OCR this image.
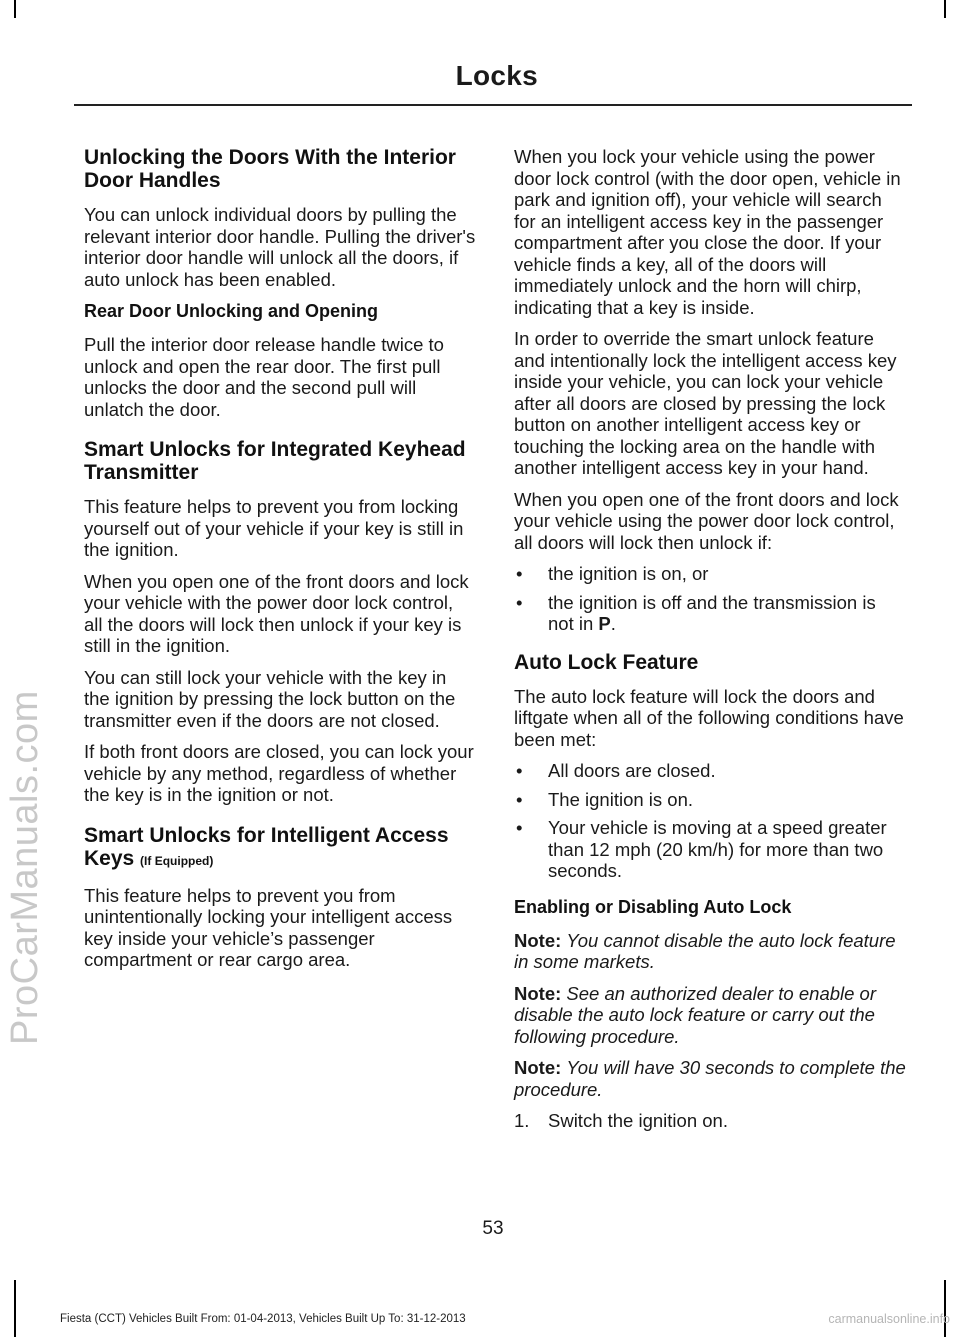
Locks
ProCarManuals.com
Unlocking the Doors With the Interior Door Handles

You can unlock individual doors by pulling the relevant interior door handle. Pulling the driver's interior door handle will unlock all the doors, if auto unlock has been enabled.

Rear Door Unlocking and Opening

Pull the interior door release handle twice to unlock and open the rear door. The first pull unlocks the door and the second pull will unlatch the door.

Smart Unlocks for Integrated Keyhead Transmitter

This feature helps to prevent you from locking yourself out of your vehicle if your key is still in the ignition.

When you open one of the front doors and lock your vehicle with the power door lock control, all the doors will lock then unlock if your key is still in the ignition.

You can still lock your vehicle with the key in the ignition by pressing the lock button on the transmitter even if the doors are not closed.

If both front doors are closed, you can lock your vehicle by any method, regardless of whether the key is in the ignition or not.

Smart Unlocks for Intelligent Access Keys (If Equipped)

This feature helps to prevent you from unintentionally locking your intelligent access key inside your vehicle’s passenger compartment or rear cargo area.

When you lock your vehicle using the power door lock control (with the door open, vehicle in park and ignition off), your vehicle will search for an intelligent access key in the passenger compartment after you close the door. If your vehicle finds a key, all of the doors will immediately unlock and the horn will chirp, indicating that a key is inside.

In order to override the smart unlock feature and intentionally lock the intelligent access key inside your vehicle, you can lock your vehicle after all doors are closed by pressing the lock button on another intelligent access key or touching the locking area on the handle with another intelligent access key in your hand.

When you open one of the front doors and lock your vehicle using the power door lock control, all doors will lock then unlock if:

• the ignition is on, or
• the ignition is off and the transmission is not in P.
Auto Lock Feature

The auto lock feature will lock the doors and liftgate when all of the following conditions have been met:

• All doors are closed.
• The ignition is on.
• Your vehicle is moving at a speed greater than 12 mph (20 km/h) for more than two seconds.
Enabling or Disabling Auto Lock

Note: You cannot disable the auto lock feature in some markets.

Note: See an authorized dealer to enable or disable the auto lock feature or carry out the following procedure.

Note: You will have 30 seconds to complete the procedure.

1. Switch the ignition on.
53
Fiesta (CCT) Vehicles Built From: 01-04-2013, Vehicles Built Up To: 31-12-2013	carmanualsonline.info
